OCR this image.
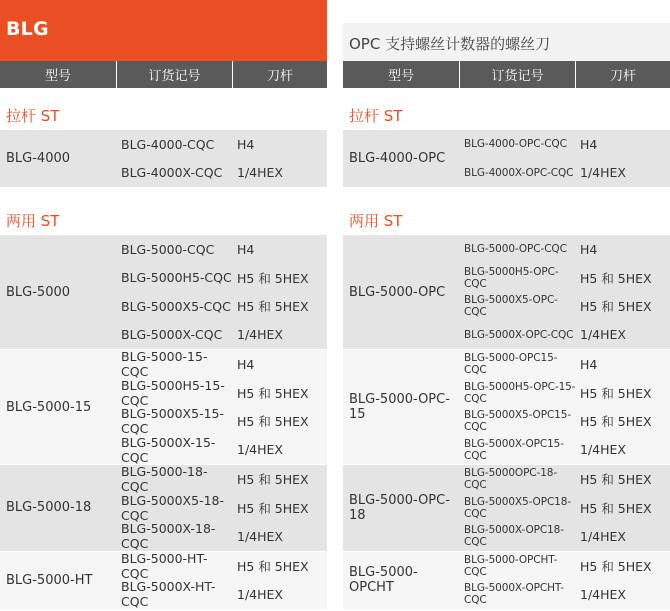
BLG
型号	订货记号	刀杆
拉杆 ST
BLG-4000
BLG-4000-CQC	H4
BLG-4000X-CQC	1/4HEX
两用 ST
BLG-5000
BLG-5000-CQC	H4
BLG-5000H5-CQC H5 和 5HEX
BLG-5000X5-CQC H5 和 5HEX
BLG-5000X-CQC	1/4HEX
BLG-5000-15
BLG-5000-15-CQC	H4
BLG-5000H5-15-CQC	H5 和 5HEX
BLG-5000X5-15-CQC	H5 和 5HEX
BLG-5000X-15-CQC	1/4HEX
BLG-5000-18
BLG-5000-18-CQC	H5 和 5HEX
BLG-5000X5-18-CQC	H5 和 5HEX
BLG-5000X-18-CQC	1/4HEX
BLG-5000-HT
BLG-5000-HT-CQC	H5 和 5HEX
BLG-5000X-HT-CQC	1/4HEX
OPC 支持螺丝计数器的螺丝刀
型号	订货记号	刀杆
拉杆 ST
BLG-4000-OPC
BLG-4000-OPC-CQC	H4
BLG-4000X-OPC-CQC 1/4HEX
两用 ST
BLG-5000-OPC
BLG-5000-OPC-CQC	H4
BLG-5000H5-OPC-CQC	H5 和 5HEX
BLG-5000X5-OPC-CQC	H5 和 5HEX
BLG-5000X-OPC-CQC 1/4HEX
BLG-5000-OPC-15
BLG-5000-OPC15-CQC	H4
BLG-5000H5-OPC-15-CQC	H5 和 5HEX
BLG-5000X5-OPC15-CQC	H5 和 5HEX
BLG-5000X-OPC15-CQC	1/4HEX
BLG-5000-OPC-18
BLG-5000OPC-18-CQC	H5 和 5HEX
BLG-5000X5-OPC18-CQC	H5 和 5HEX
BLG-5000X-OPC18-CQC	1/4HEX
BLG-5000-OPCHT
BLG-5000-OPCHT-CQC	H5 和 5HEX
BLG-5000X-OPCHT-CQC	1/4HEX
